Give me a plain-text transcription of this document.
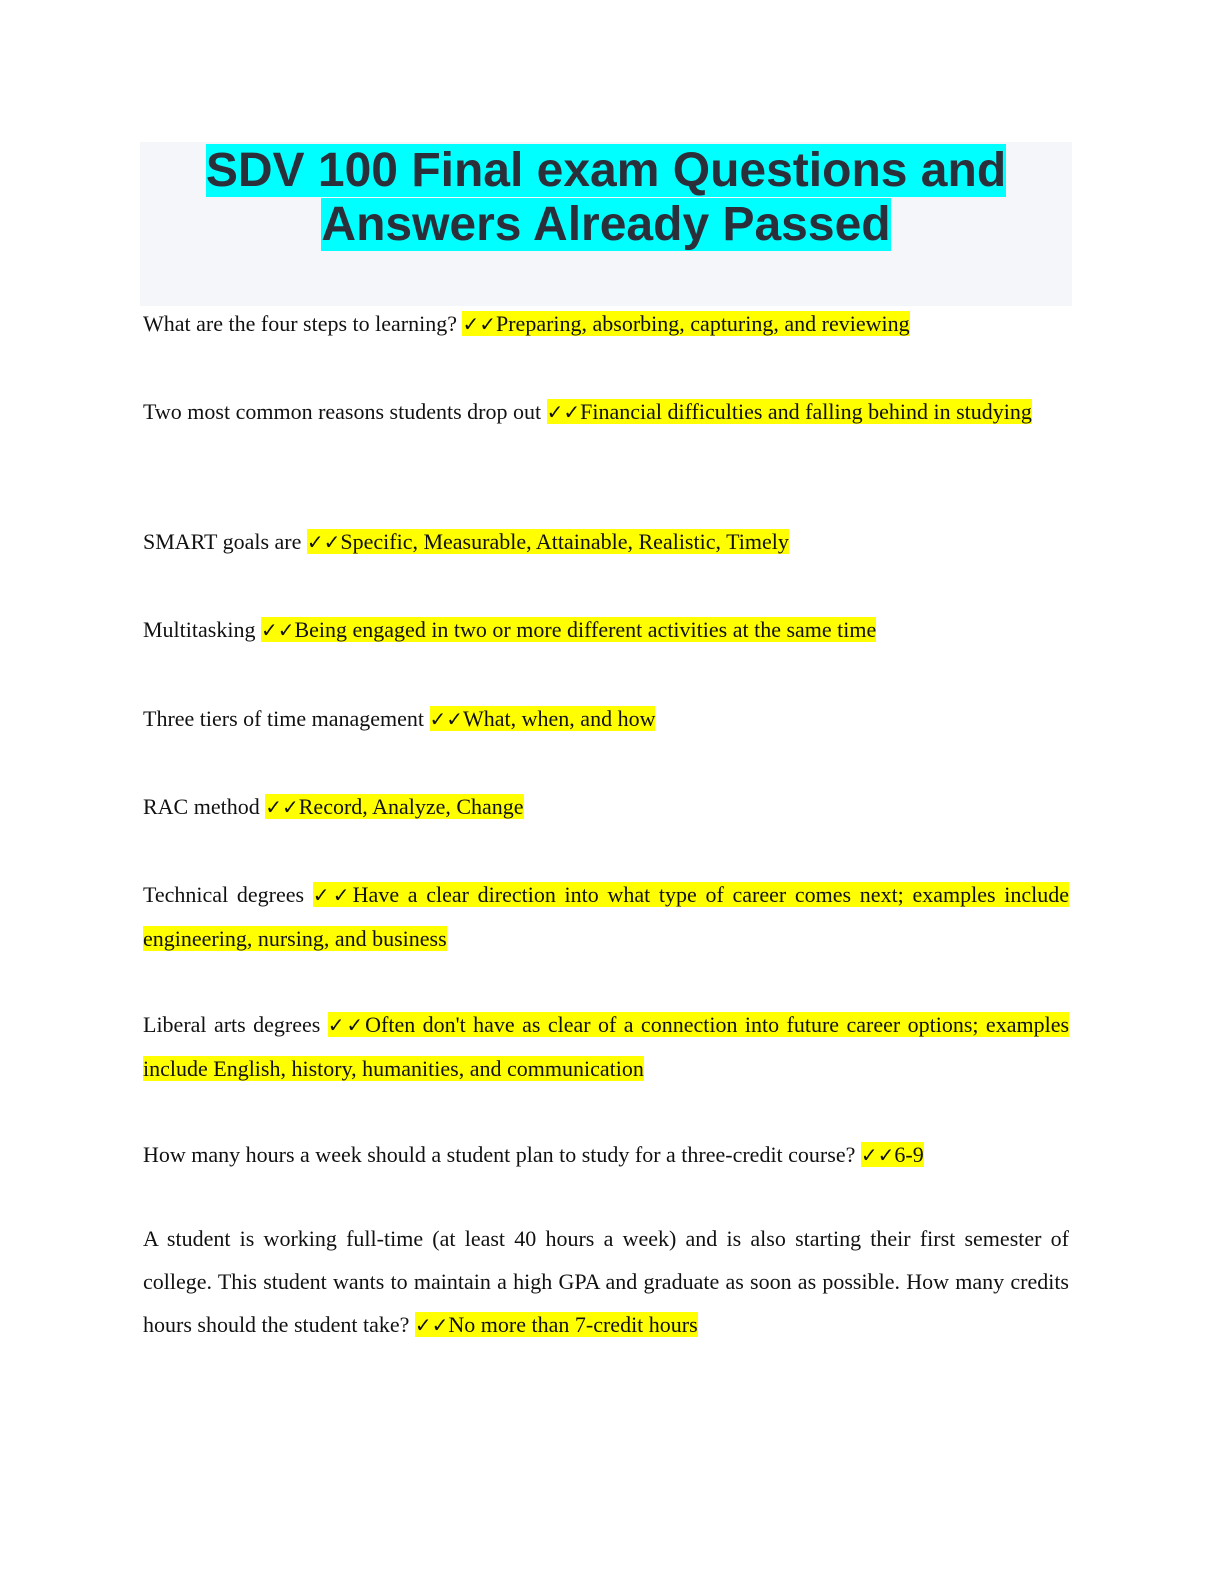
SDV 100 Final exam Questions and
Answers Already Passed

What are the four steps to learning? ✓✓Preparing, absorbing, capturing, and reviewing

Two most common reasons students drop out ✓✓Financial difficulties and falling behind in studying

SMART goals are ✓✓Specific, Measurable, Attainable, Realistic, Timely

Multitasking ✓✓Being engaged in two or more different activities at the same time

Three tiers of time management ✓✓What, when, and how

RAC method ✓✓Record, Analyze, Change

Technical degrees ✓✓Have a clear direction into what type of career comes next; examples include engineering, nursing, and business

Liberal arts degrees ✓✓Often don't have as clear of a connection into future career options; examples include English, history, humanities, and communication

How many hours a week should a student plan to study for a three-credit course? ✓✓6-9

A student is working full-time (at least 40 hours a week) and is also starting their first semester of college. This student wants to maintain a high GPA and graduate as soon as possible. How many credits hours should the student take? ✓✓No more than 7-credit hours
